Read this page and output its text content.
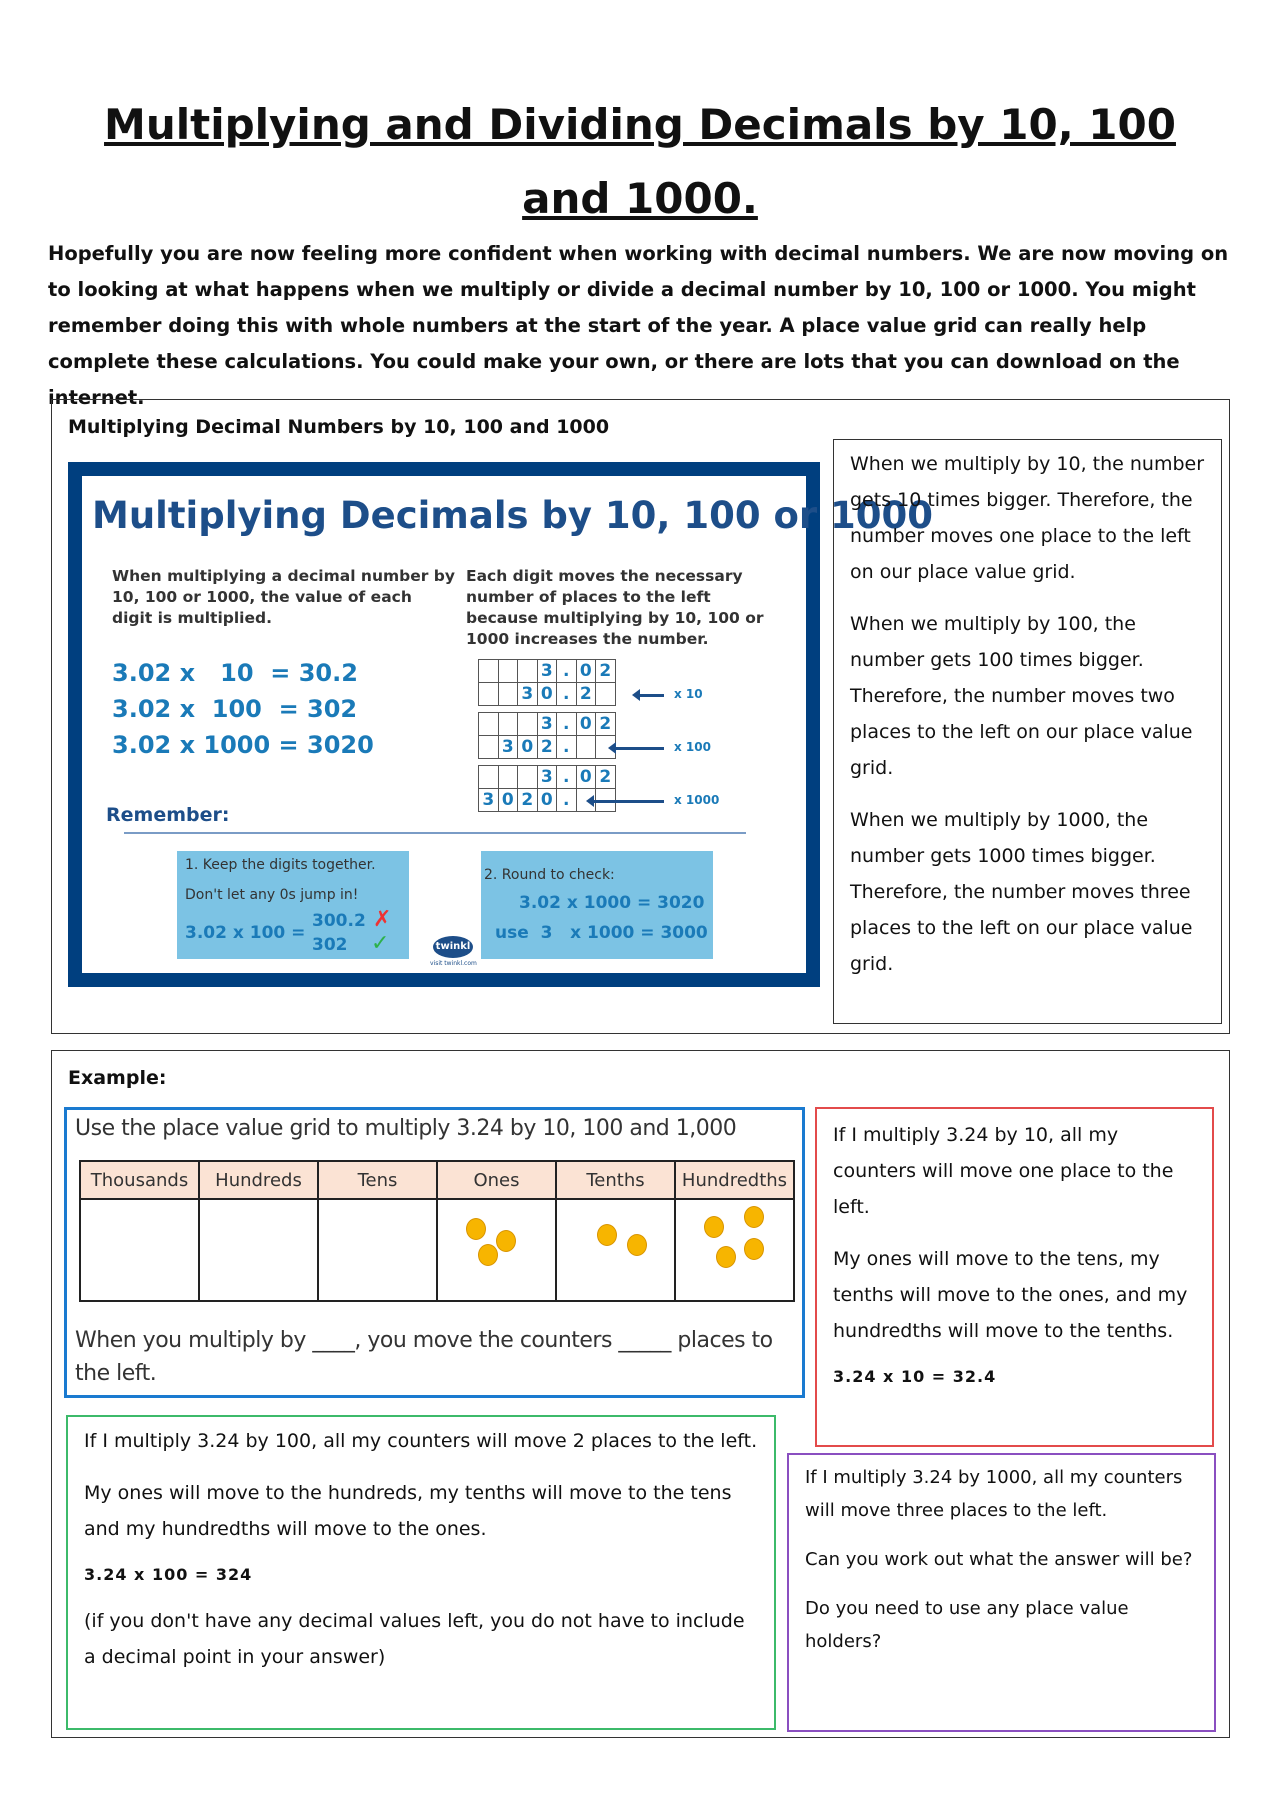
Multiplying and Dividing Decimals by 10, 100 and 1000.

Hopefully you are now feeling more confident when working with decimal numbers. We are now moving on to looking at what happens when we multiply or divide a decimal number by 10, 100 or 1000. You might remember doing this with whole numbers at the start of the year. A place value grid can really help complete these calculations. You could make your own, or there are lots that you can download on the internet.

Multiplying Decimal Numbers by 10, 100 and 1000
Multiplying Decimals by 10, 100 or 1000
When multiplying a decimal number by 10, 100 or 1000, the value of each digit is multiplied.
Each digit moves the necessary number of places to the left because multiplying by 10, 100 or 1000 increases the number.
3.02 x   10  = 30.2
3.02 x  100  = 302
3.02 x 1000 = 3020
			3	.	0	2
		3	0	.	2		x 10
			3	.	0	2
	3	0	2	.			x 100
			3	.	0	2
3	0	2	0	.			x 1000
Remember:
1. Keep the digits together.
Don't let any 0s jump in!
3.02 x 100 =
300.2 ✗
302 ✓	twinkl
visit twinkl.com
2. Round to check:
3.02 x 1000 = 3020
use  3   x 1000 = 3000

When we multiply by 10, the number gets 10 times bigger. Therefore, the number moves one place to the left on our place value grid.

When we multiply by 100, the number gets 100 times bigger. Therefore, the number moves two places to the left on our place value grid.

When we multiply by 1000, the number gets 1000 times bigger. Therefore, the number moves three places to the left on our place value grid.

Example:
Use the place value grid to multiply 3.24 by 10, 100 and 1,000
Thousands	Hundreds	Tens	Ones	Tenths	Hundredths

When you multiply by ____, you move the counters _____ places to the left.

If I multiply 3.24 by 10, all my counters will move one place to the left.

My ones will move to the tens, my tenths will move to the ones, and my hundredths will move to the tenths.

3.24 x 10 = 32.4

If I multiply 3.24 by 100, all my counters will move 2 places to the left.

My ones will move to the hundreds, my tenths will move to the tens and my hundredths will move to the ones.

3.24 x 100 = 324

(if you don't have any decimal values left, you do not have to include a decimal point in your answer)

If I multiply 3.24 by 1000, all my counters will move three places to the left.

Can you work out what the answer will be?

Do you need to use any place value holders?
